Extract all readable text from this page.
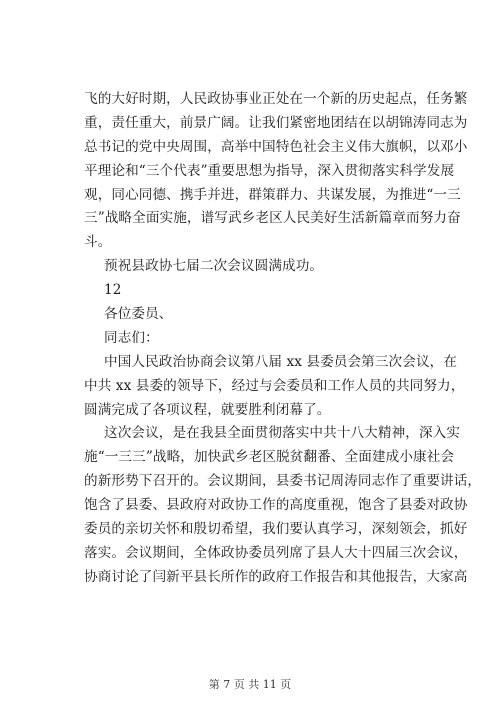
飞的大好时期，人民政协事业正处在一个新的历史起点，任务繁
重，责任重大，前景广阔。让我们紧密地团结在以胡锦涛同志为
总书记的党中央周围，高举中国特色社会主义伟大旗帜，以邓小
平理论和“三个代表”重要思想为指导，深入贯彻落实科学发展
观，同心同德、携手并进，群策群力、共谋发展，为推进“一三
三”战略全面实施，谱写武乡老区人民美好生活新篇章而努力奋
斗。
预祝县政协七届二次会议圆满成功。
12
各位委员、
同志们：
中国人民政治协商会议第八届 xx 县委员会第三次会议，在
中共 xx 县委的领导下，经过与会委员和工作人员的共同努力，
圆满完成了各项议程，就要胜利闭幕了。
这次会议，是在我县全面贯彻落实中共十八大精神，深入实
施“一三三”战略，加快武乡老区脱贫翻番、全面建成小康社会
的新形势下召开的。会议期间，县委书记周涛同志作了重要讲话，
饱含了县委、县政府对政协工作的高度重视，饱含了县委对政协
委员的亲切关怀和殷切希望，我们要认真学习，深刻领会，抓好
落实。会议期间，全体政协委员列席了县人大十四届三次会议，
协商讨论了闫新平县长所作的政府工作报告和其他报告，大家高
第 7 页 共 11 页
